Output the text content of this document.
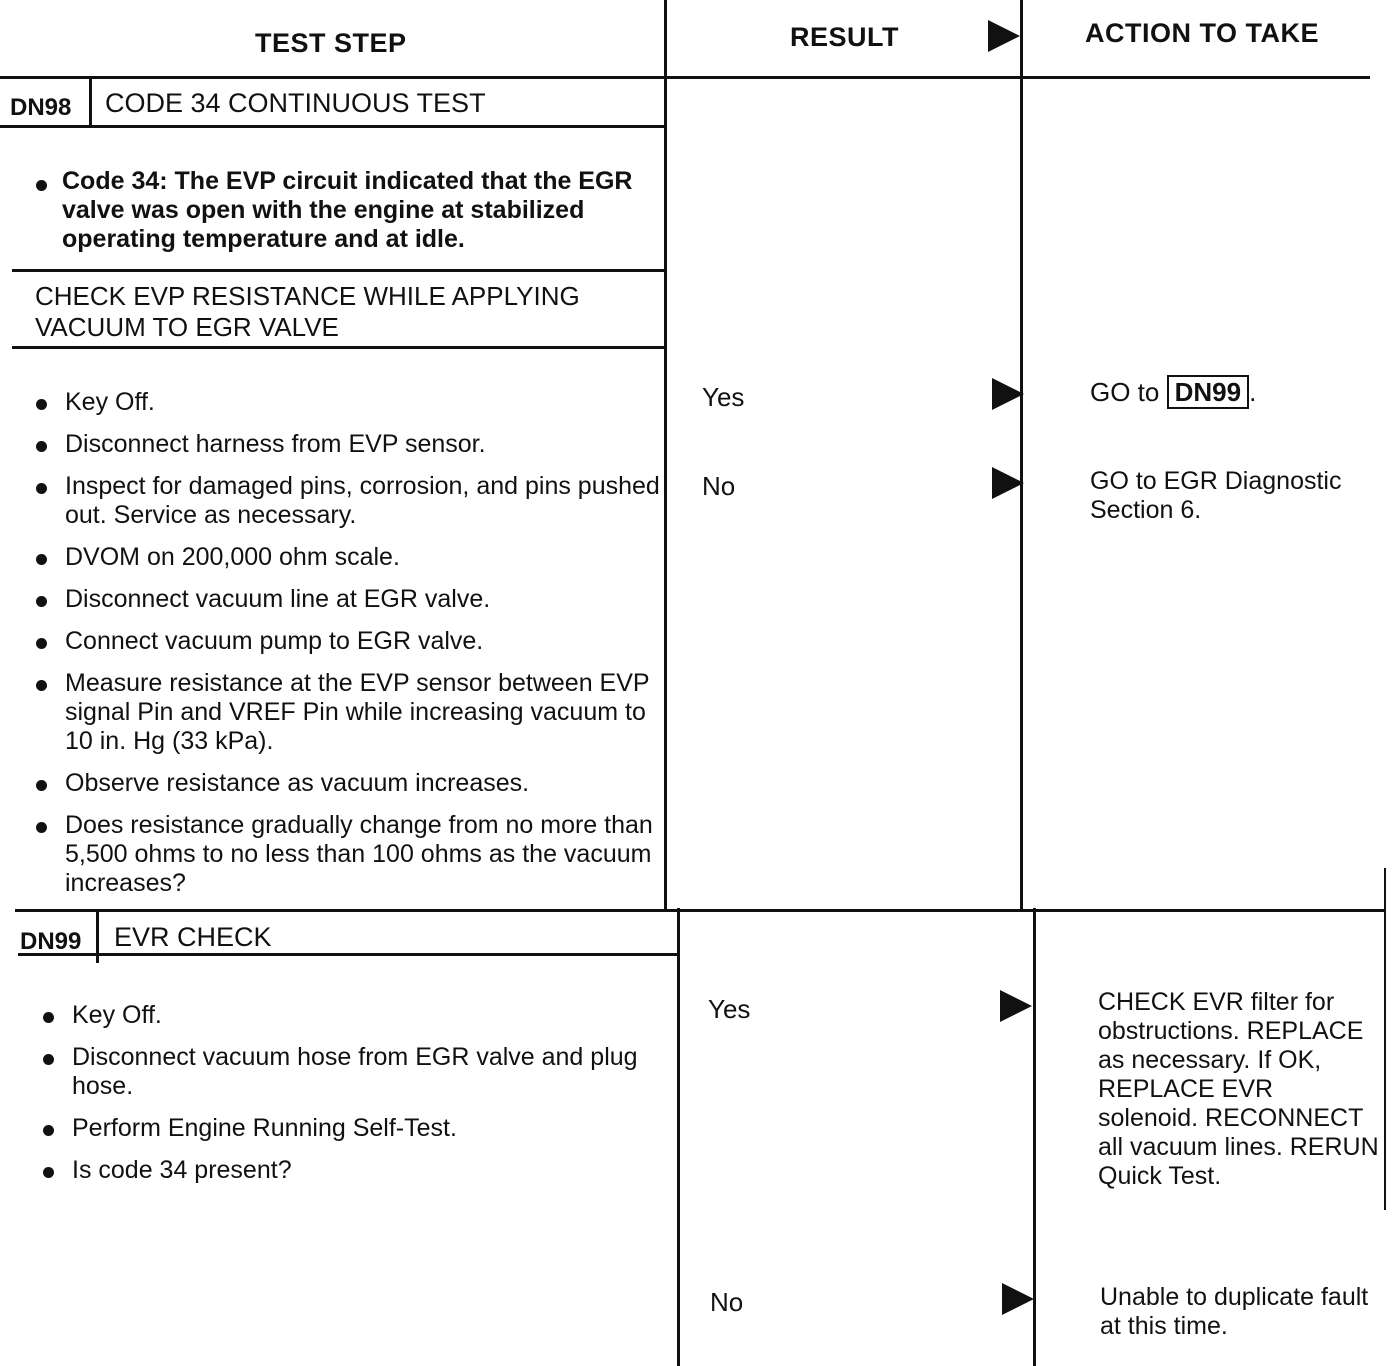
TEST STEP	RESULT	ACTION TO TAKE
DN98 CODE 34 CONTINUOUS TEST
Code 34: The EVP circuit indicated that the EGR valve was open with the engine at stabilized operating temperature and at idle.
CHECK EVP RESISTANCE WHILE APPLYING VACUUM TO EGR VALVE
Key Off.
Disconnect harness from EVP sensor.
Inspect for damaged pins, corrosion, and pins pushed out. Service as necessary.
DVOM on 200,000 ohm scale.
Disconnect vacuum line at EGR valve.
Connect vacuum pump to EGR valve.
Measure resistance at the EVP sensor between EVP signal Pin and VREF Pin while increasing vacuum to 10 in. Hg (33 kPa).
Observe resistance as vacuum increases.
Does resistance gradually change from no more than 5,500 ohms to no less than 100 ohms as the vacuum increases?
Yes	GO to DN99 .
No	GO to EGR Diagnostic Section 6.
DN99 EVR CHECK
Key Off.
Disconnect vacuum hose from EGR valve and plug hose.
Perform Engine Running Self-Test.
Is code 34 present?
Yes	CHECK EVR filter for obstructions. REPLACE as necessary. If OK, REPLACE EVR solenoid. RECONNECT all vacuum lines. RERUN Quick Test.
No	Unable to duplicate fault at this time.
